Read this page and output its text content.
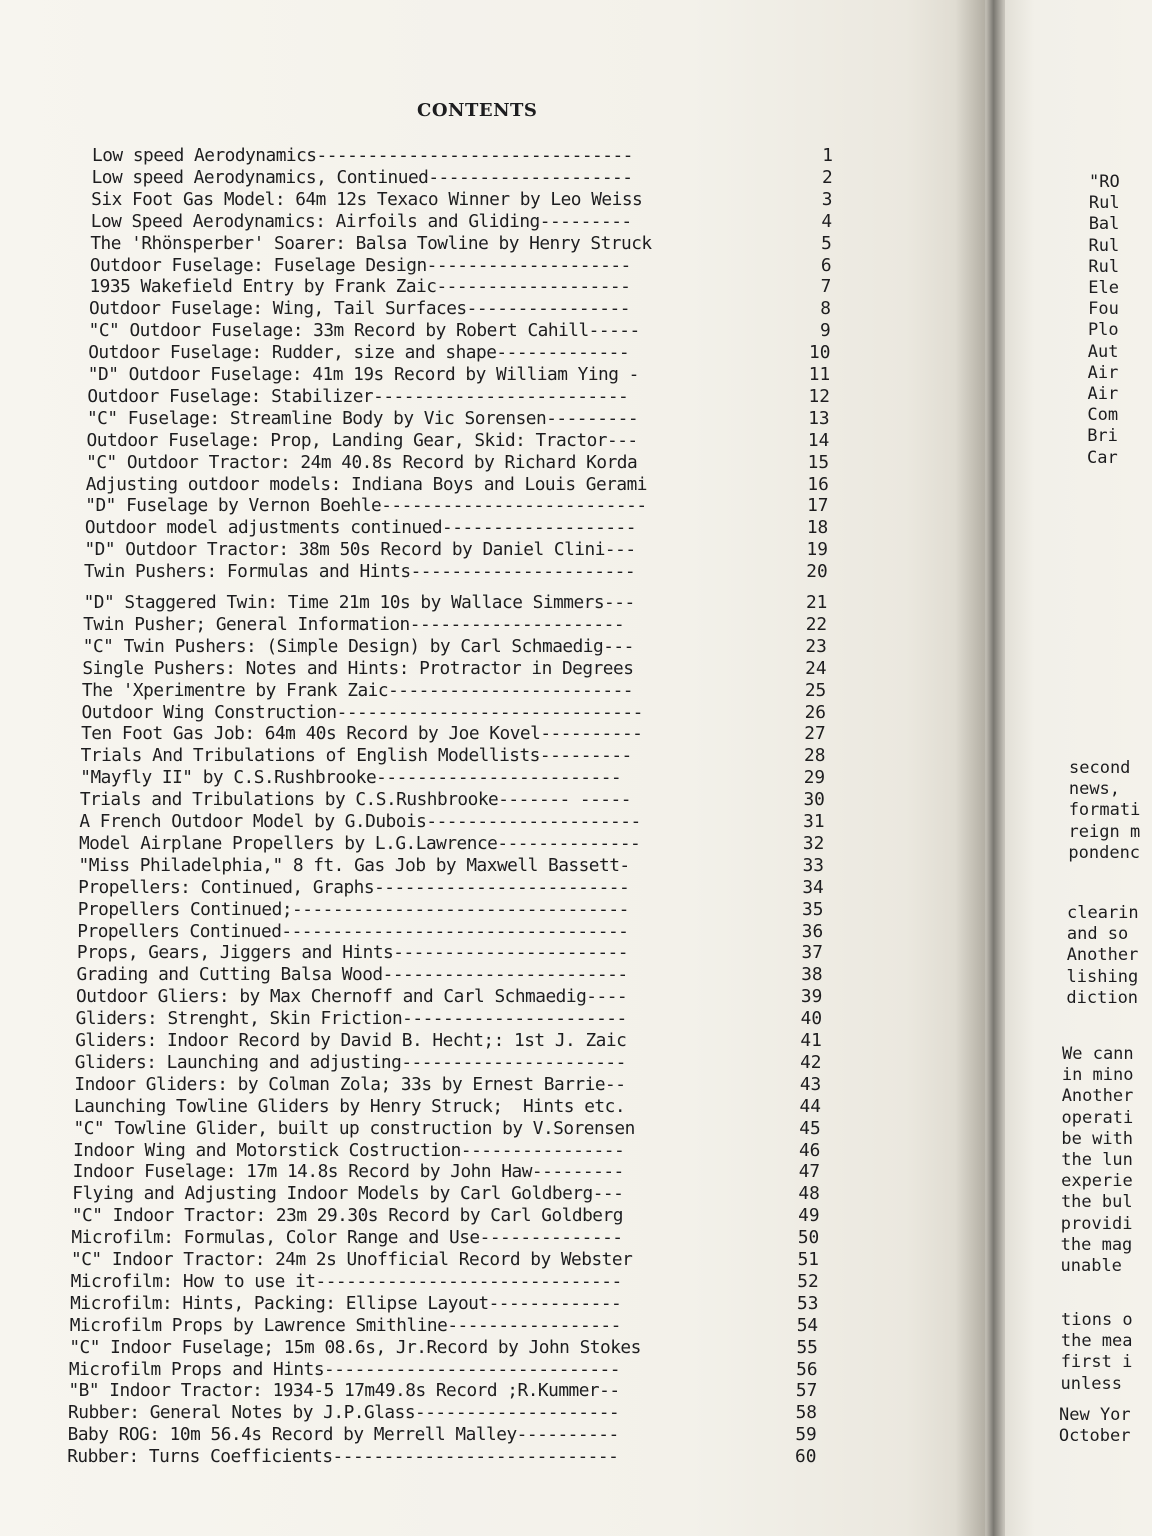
CONTENTS
Low speed Aerodynamics-------------------------------	1
Low speed Aerodynamics, Continued--------------------	2
Six Foot Gas Model: 64m 12s Texaco Winner by Leo Weiss	3
Low Speed Aerodynamics: Airfoils and Gliding---------	4
The 'Rhönsperber' Soarer: Balsa Towline by Henry Struck	5
Outdoor Fuselage: Fuselage Design--------------------	6
1935 Wakefield Entry by Frank Zaic-------------------	7
Outdoor Fuselage: Wing, Tail Surfaces----------------	8
"C" Outdoor Fuselage: 33m Record by Robert Cahill-----	9
Outdoor Fuselage: Rudder, size and shape-------------	10
"D" Outdoor Fuselage: 41m 19s Record by William Ying -	11
Outdoor Fuselage: Stabilizer-------------------------	12
"C" Fuselage: Streamline Body by Vic Sorensen---------	13
Outdoor Fuselage: Prop, Landing Gear, Skid: Tractor---	14
"C" Outdoor Tractor: 24m 40.8s Record by Richard Korda	15
Adjusting outdoor models: Indiana Boys and Louis Gerami	16
"D" Fuselage by Vernon Boehle--------------------------	17
Outdoor model adjustments continued-------------------	18
"D" Outdoor Tractor: 38m 50s Record by Daniel Clini---	19
Twin Pushers: Formulas and Hints----------------------	20
"D" Staggered Twin: Time 21m 10s by Wallace Simmers---	21
Twin Pusher; General Information---------------------	22
"C" Twin Pushers: (Simple Design) by Carl Schmaedig---	23
Single Pushers: Notes and Hints: Protractor in Degrees	24
The 'Xperimentre by Frank Zaic------------------------	25
Outdoor Wing Construction------------------------------	26
Ten Foot Gas Job: 64m 40s Record by Joe Kovel----------	27
Trials And Tribulations of English Modellists---------	28
"Mayfly II" by C.S.Rushbrooke------------------------	29
Trials and Tribulations by C.S.Rushbrooke------- -----	30
A French Outdoor Model by G.Dubois---------------------	31
Model Airplane Propellers by L.G.Lawrence--------------	32
"Miss Philadelphia," 8 ft. Gas Job by Maxwell Bassett-	33
Propellers: Continued, Graphs-------------------------	34
Propellers Continued;---------------------------------	35
Propellers Continued----------------------------------	36
Props, Gears, Jiggers and Hints-----------------------	37
Grading and Cutting Balsa Wood------------------------	38
Outdoor Gliers: by Max Chernoff and Carl Schmaedig----	39
Gliders: Strenght, Skin Friction----------------------	40
Gliders: Indoor Record by David B. Hecht;: 1st J. Zaic	41
Gliders: Launching and adjusting----------------------	42
Indoor Gliders: by Colman Zola; 33s by Ernest Barrie--	43
Launching Towline Gliders by Henry Struck;  Hints etc.	44
"C" Towline Glider, built up construction by V.Sorensen	45
Indoor Wing and Motorstick Costruction----------------	46
Indoor Fuselage: 17m 14.8s Record by John Haw---------	47
Flying and Adjusting Indoor Models by Carl Goldberg---	48
"C" Indoor Tractor: 23m 29.30s Record by Carl Goldberg	49
Microfilm: Formulas, Color Range and Use--------------	50
"C" Indoor Tractor: 24m 2s Unofficial Record by Webster	51
Microfilm: How to use it------------------------------	52
Microfilm: Hints, Packing: Ellipse Layout-------------	53
Microfilm Props by Lawrence Smithline-----------------	54
"C" Indoor Fuselage; 15m 08.6s, Jr.Record by John Stokes	55
Microfilm Props and Hints-----------------------------	56
"B" Indoor Tractor: 1934-5 17m49.8s Record ;R.Kummer--	57
Rubber: General Notes by J.P.Glass--------------------	58
Baby ROG: 10m 56.4s Record by Merrell Malley----------	59
Rubber: Turns Coefficients----------------------------	60
"RO
Rul
Bal
Rul
Rul
Ele
Fou
Plo
Aut
Air
Air
Com
Bri
Car
second
news,
formati
reign m
pondenc
clearin
and so
Another
lishing
diction
We cann
in mino
Another
operati
be with
the lun
experie
the bul
providi
the mag
unable
tions o
the mea
first i
unless
New Yor
October
